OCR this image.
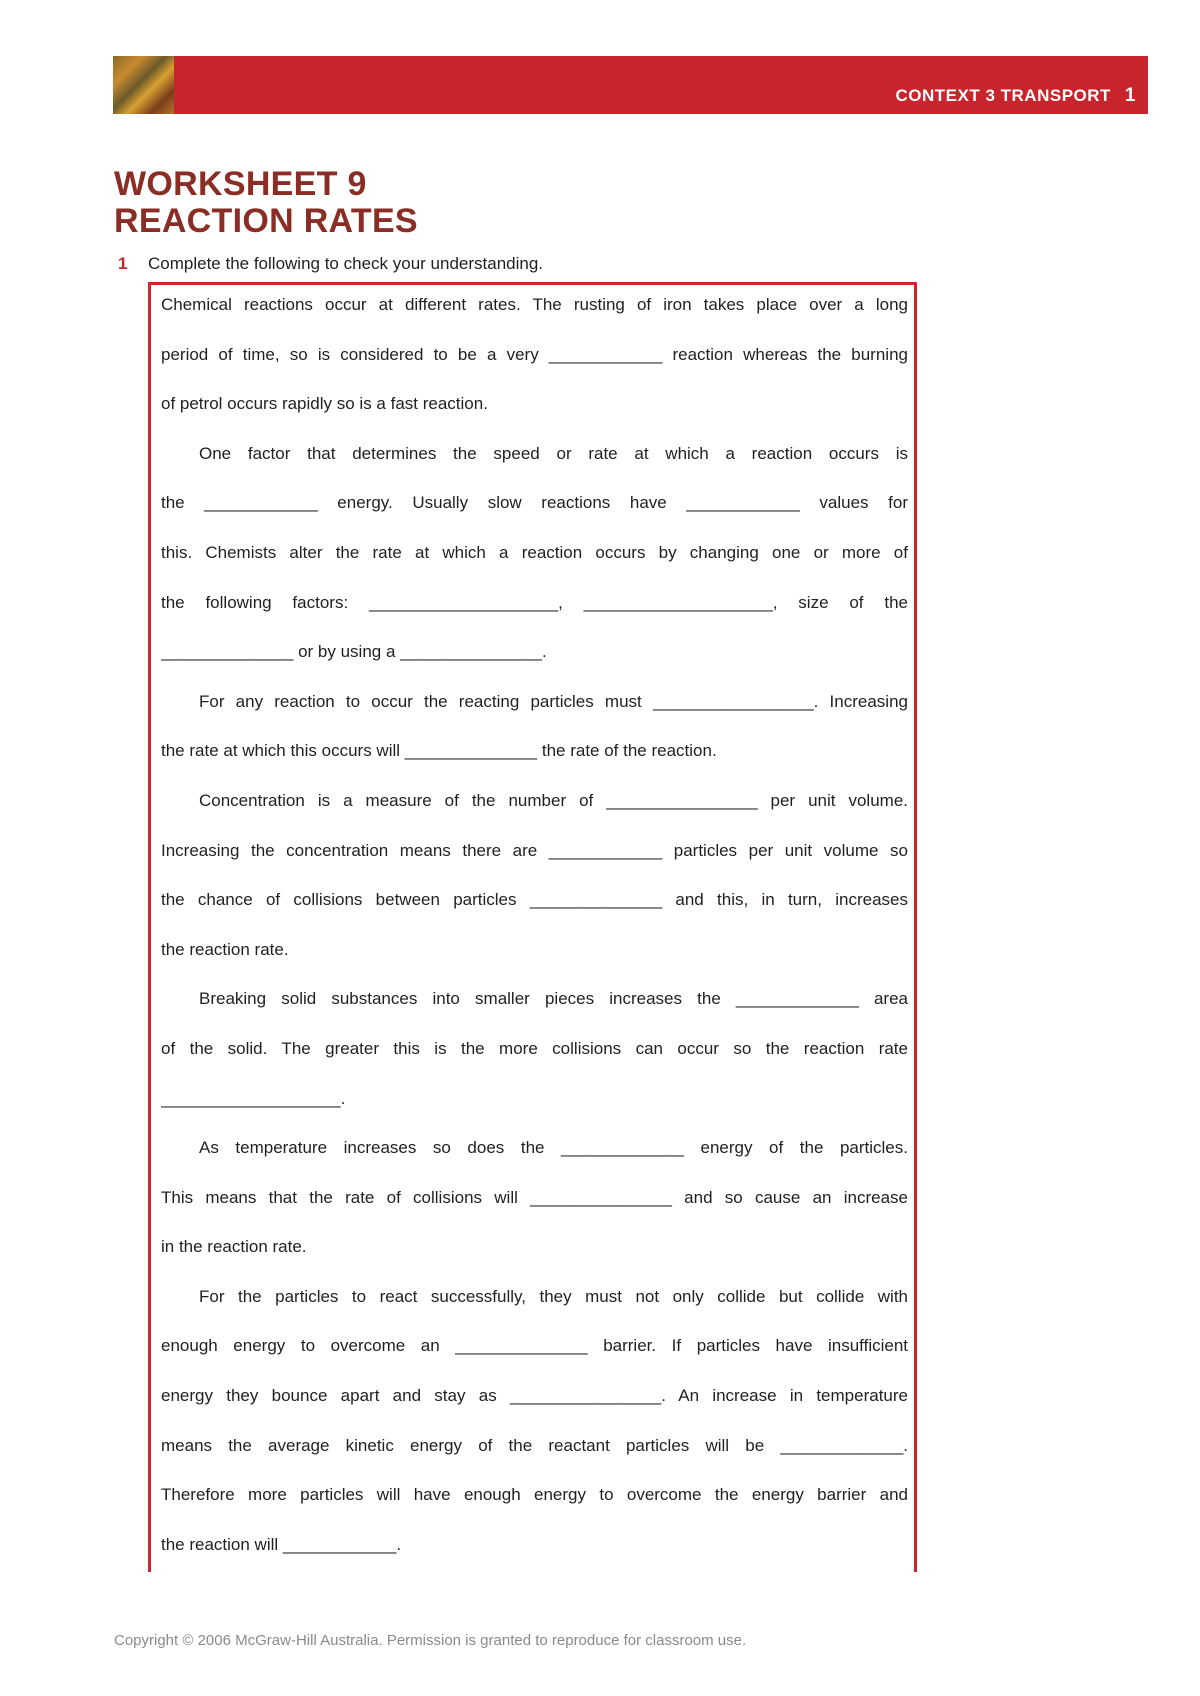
CONTEXT 3 TRANSPORT 1
WORKSHEET 9
REACTION RATES
1 Complete the following to check your understanding.
Chemical reactions occur at different rates. The rusting of iron takes place over a long
period of time, so is considered to be a very ____________ reaction whereas the burning
of petrol occurs rapidly so is a fast reaction.
One factor that determines the speed or rate at which a reaction occurs is
the ____________ energy. Usually slow reactions have ____________ values for
this. Chemists alter the rate at which a reaction occurs by changing one or more of
the following factors: ____________________, ____________________, size of the
______________ or by using a _______________.
For any reaction to occur the reacting particles must _________________. Increasing
the rate at which this occurs will ______________ the rate of the reaction.
Concentration is a measure of the number of ________________ per unit volume.
Increasing the concentration means there are ____________ particles per unit volume so
the chance of collisions between particles ______________ and this, in turn, increases
the reaction rate.
Breaking solid substances into smaller pieces increases the _____________ area
of the solid. The greater this is the more collisions can occur so the reaction rate
___________________.
As temperature increases so does the _____________ energy of the particles.
This means that the rate of collisions will _______________ and so cause an increase
in the reaction rate.
For the particles to react successfully, they must not only collide but collide with
enough energy to overcome an ______________ barrier. If particles have insufficient
energy they bounce apart and stay as ________________. An increase in temperature
means the average kinetic energy of the reactant particles will be _____________.
Therefore more particles will have enough energy to overcome the energy barrier and
the reaction will ____________.
Copyright © 2006 McGraw-Hill Australia. Permission is granted to reproduce for classroom use.
